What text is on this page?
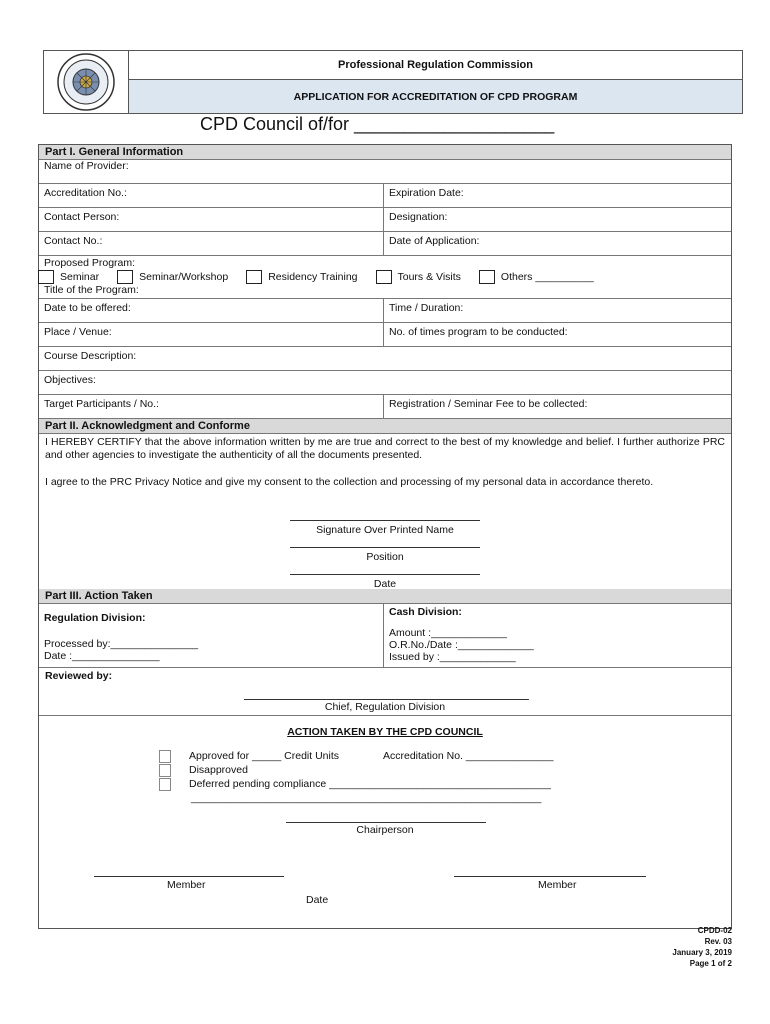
Professional Regulation Commission
APPLICATION FOR ACCREDITATION OF CPD PROGRAM
CPD Council of/for ____________________
Part I. General Information
Name of Provider:
Accreditation No.:	Expiration Date:
Contact Person:	Designation:
Contact No.:	Date of Application:
Proposed Program:
Seminar	Seminar/Workshop	Residency Training	Tours & Visits	Others __________
Title of the Program:
Date to be offered:	Time / Duration:
Place / Venue:	No. of times program to be conducted:
Course Description:
Objectives:
Target Participants / No.:	Registration / Seminar Fee to be collected:
Part II. Acknowledgment and Conforme
I HEREBY CERTIFY that the above information written by me are true and correct to the best of my knowledge and belief. I further authorize PRC and other agencies to investigate the authenticity of all the documents presented.
I agree to the PRC Privacy Notice and give my consent to the collection and processing of my personal data in accordance thereto.
Signature Over Printed Name
Position
Date
Part III. Action Taken
Regulation Division:
Processed by:_______________
Date :_______________
Cash Division:
Amount :_____________
O.R.No./Date :_____________
Issued by :_____________
Reviewed by:
Chief, Regulation Division
ACTION TAKEN BY THE CPD COUNCIL
Approved for _____ Credit Units	Accreditation No. _______________
Disapproved
Deferred pending compliance ______________________________________
____________________________________________________________
Chairperson
Member	Member
Date
CPDD-02
Rev. 03
January 3, 2019
Page 1 of 2
